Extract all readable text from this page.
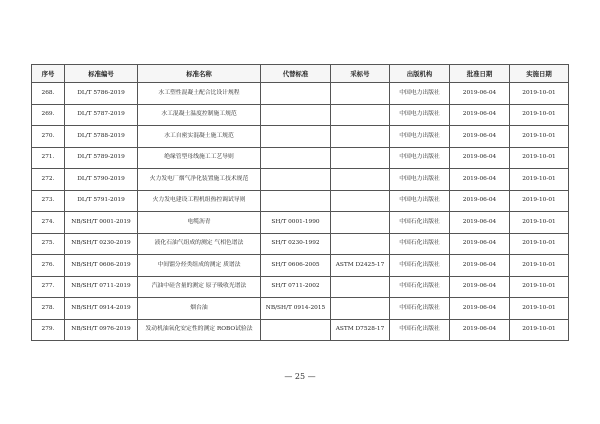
序号	标准编号	标准名称	代替标准	采标号	出版机构	批准日期	实施日期
268.	DL/T 5786-2019	水工塑性混凝土配合比设计规程			中国电力出版社	2019-06-04	2019-10-01
269.	DL/T 5787-2019	水工混凝土温度控制施工规范			中国电力出版社	2019-06-04	2019-10-01
270.	DL/T 5788-2019	水工自密实混凝土施工规范			中国电力出版社	2019-06-04	2019-10-01
271.	DL/T 5789-2019	绝缘管型母线施工工艺导则			中国电力出版社	2019-06-04	2019-10-01
272.	DL/T 5790-2019	火力发电厂烟气净化装置施工技术规范			中国电力出版社	2019-06-04	2019-10-01
273.	DL/T 5791-2019	火力发电建设工程机组热控调试导则			中国电力出版社	2019-06-04	2019-10-01
274.	NB/SH/T 0001-2019	电缆沥青	SH/T 0001-1990		中国石化出版社	2019-06-04	2019-10-01
275.	NB/SH/T 0230-2019	液化石油气组成的测定 气相色谱法	SH/T 0230-1992		中国石化出版社	2019-06-04	2019-10-01
276.	NB/SH/T 0606-2019	中间馏分烃类组成的测定 质谱法	SH/T 0606-2005	ASTM D2425-17	中国石化出版社	2019-06-04	2019-10-01
277.	NB/SH/T 0711-2019	汽油中硅含量的测定 原子吸收光谱法	SH/T 0711-2002		中国石化出版社	2019-06-04	2019-10-01
278.	NB/SH/T 0914-2019	烟台油	NB/SH/T 0914-2015		中国石化出版社	2019-06-04	2019-10-01
279.	NB/SH/T 0976-2019	发动机油氧化安定性的测定 ROBO试验法		ASTM D7528-17	中国石化出版社	2019-06-04	2019-10-01
— 25 —
